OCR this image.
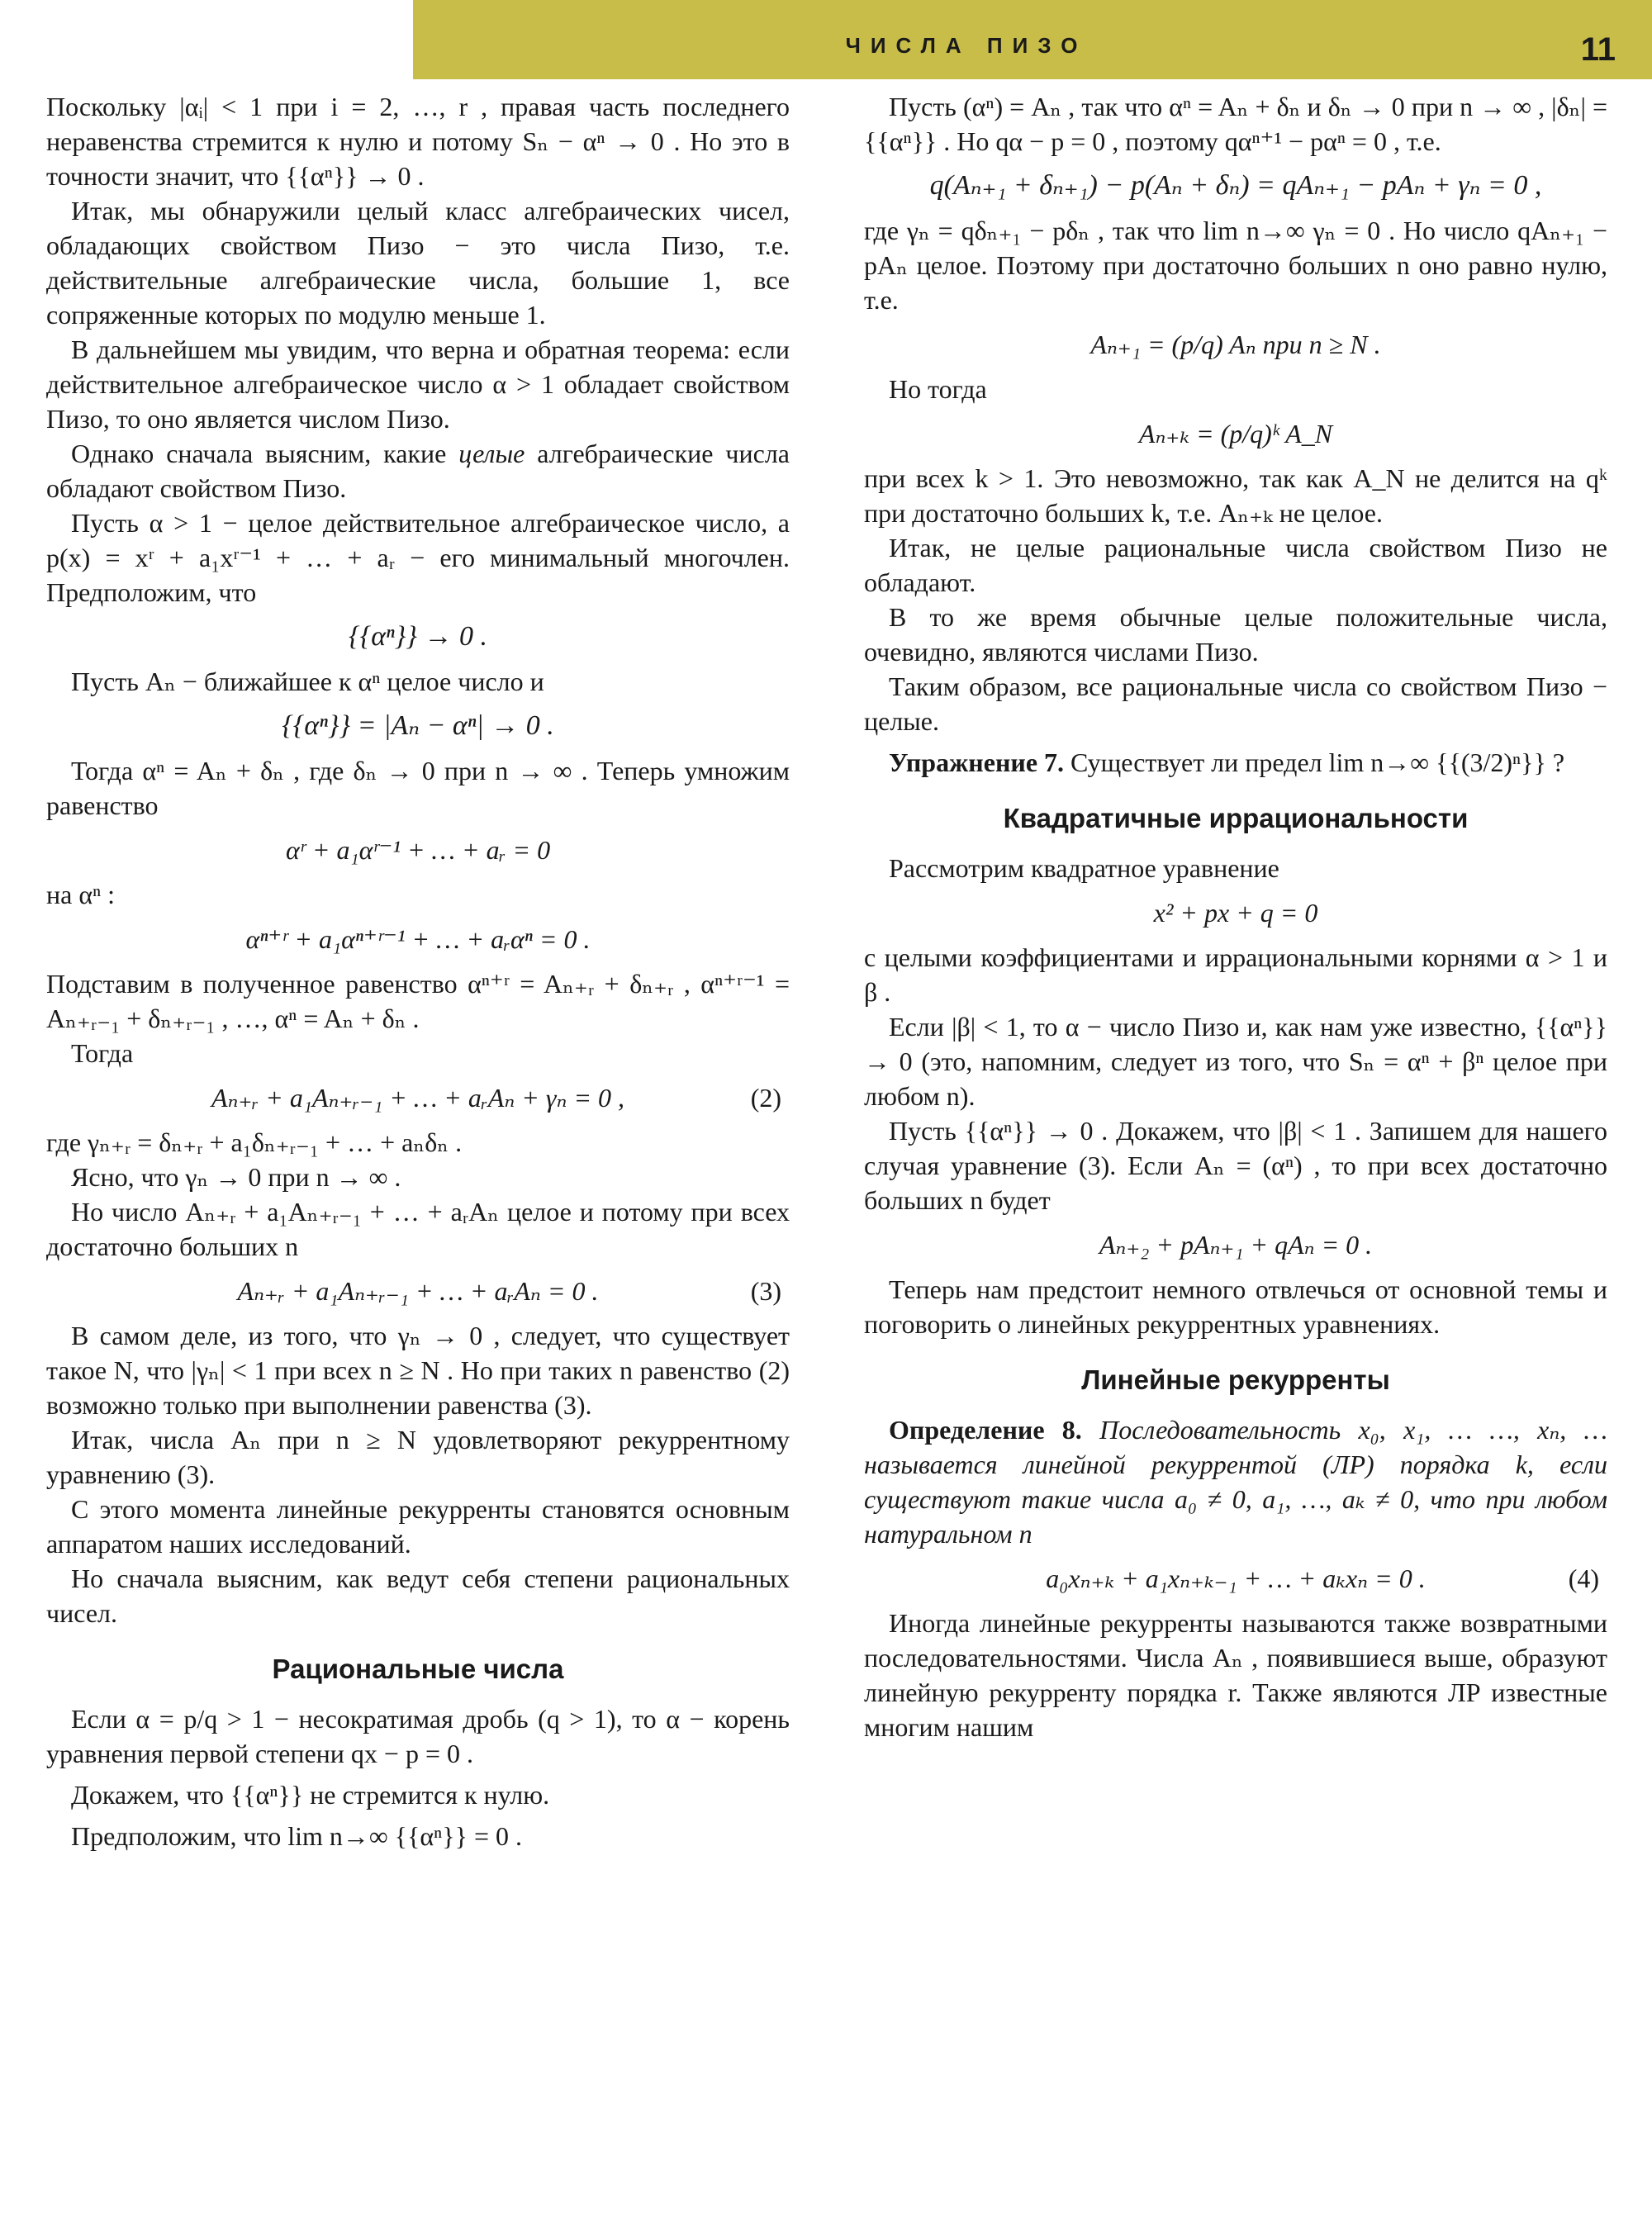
ЧИСЛА ПИЗО	11

Поскольку |αᵢ| < 1 при i = 2, …, r , правая часть последнего неравенства стремится к нулю и потому Sₙ − αⁿ → 0 . Но это в точности значит, что {{αⁿ}} → 0 .

Итак, мы обнаружили целый класс алгебраических чисел, обладающих свойством Пизо − это числа Пизо, т.е. действительные алгебраические числа, большие 1, все сопряженные которых по модулю меньше 1.

В дальнейшем мы увидим, что верна и обратная теорема: если действительное алгебраическое число α > 1 обладает свойством Пизо, то оно является числом Пизо.

Однако сначала выясним, какие целые алгебраические числа обладают свойством Пизо.

Пусть α > 1 − целое действительное алгебраическое число, а p(x) = xʳ + a₁xʳ⁻¹ + … + aᵣ − его минимальный многочлен. Предположим, что

{{αⁿ}} → 0 .

Пусть Aₙ − ближайшее к αⁿ целое число и

{{αⁿ}} = |Aₙ − αⁿ| → 0 .

Тогда αⁿ = Aₙ + δₙ , где δₙ → 0 при n → ∞ . Теперь умножим равенство

αʳ + a₁αʳ⁻¹ + … + aᵣ = 0

на αⁿ :

αⁿ⁺ʳ + a₁αⁿ⁺ʳ⁻¹ + … + aᵣαⁿ = 0 .

Подставим в полученное равенство αⁿ⁺ʳ = Aₙ₊ᵣ + δₙ₊ᵣ , αⁿ⁺ʳ⁻¹ = Aₙ₊ᵣ₋₁ + δₙ₊ᵣ₋₁ , …, αⁿ = Aₙ + δₙ .

Тогда

Aₙ₊ᵣ + a₁Aₙ₊ᵣ₋₁ + … + aᵣAₙ + γₙ = 0 ,	(2)

где γₙ₊ᵣ = δₙ₊ᵣ + a₁δₙ₊ᵣ₋₁ + … + aₙδₙ .

Ясно, что γₙ → 0 при n → ∞ .

Но число Aₙ₊ᵣ + a₁Aₙ₊ᵣ₋₁ + … + aᵣAₙ целое и потому при всех достаточно больших n

Aₙ₊ᵣ + a₁Aₙ₊ᵣ₋₁ + … + aᵣAₙ = 0 .	(3)

В самом деле, из того, что γₙ → 0 , следует, что существует такое N, что |γₙ| < 1 при всех n ≥ N . Но при таких n равенство (2) возможно только при выполнении равенства (3).

Итак, числа Aₙ при n ≥ N удовлетворяют рекуррентному уравнению (3).

С этого момента линейные рекурренты становятся основным аппаратом наших исследований.

Но сначала выясним, как ведут себя степени рациональных чисел.

Рациональные числа

Если α = p/q > 1 − несократимая дробь (q > 1), то α − корень уравнения первой степени qx − p = 0 .

Докажем, что {{αⁿ}} не стремится к нулю.

Предположим, что lim n→∞ {{αⁿ}} = 0 .

Пусть (αⁿ) = Aₙ , так что αⁿ = Aₙ + δₙ и δₙ → 0 при n → ∞ , |δₙ| = {{αⁿ}} . Но qα − p = 0 , поэтому qαⁿ⁺¹ − pαⁿ = 0 , т.е.

q(Aₙ₊₁ + δₙ₊₁) − p(Aₙ + δₙ) = qAₙ₊₁ − pAₙ + γₙ = 0 ,

где γₙ = qδₙ₊₁ − pδₙ , так что lim n→∞ γₙ = 0 . Но число qAₙ₊₁ − pAₙ целое. Поэтому при достаточно больших n оно равно нулю, т.е.

Aₙ₊₁ = (p/q) Aₙ при n ≥ N .

Но тогда

Aₙ₊ₖ = (p/q)ᵏ A_N

при всех k > 1. Это невозможно, так как A_N не делится на qᵏ при достаточно больших k, т.е. Aₙ₊ₖ не целое.

Итак, не целые рациональные числа свойством Пизо не обладают.

В то же время обычные целые положительные числа, очевидно, являются числами Пизо.

Таким образом, все рациональные числа со свойством Пизо − целые.

Упражнение 7. Существует ли предел lim n→∞ {{(3/2)ⁿ}} ?

Квадратичные иррациональности

Рассмотрим квадратное уравнение

x² + px + q = 0

с целыми коэффициентами и иррациональными корнями α > 1 и β .

Если |β| < 1, то α − число Пизо и, как нам уже известно, {{αⁿ}} → 0 (это, напомним, следует из того, что Sₙ = αⁿ + βⁿ целое при любом n).

Пусть {{αⁿ}} → 0 . Докажем, что |β| < 1 . Запишем для нашего случая уравнение (3). Если Aₙ = (αⁿ) , то при всех достаточно больших n будет

Aₙ₊₂ + pAₙ₊₁ + qAₙ = 0 .

Теперь нам предстоит немного отвлечься от основной темы и поговорить о линейных рекуррентных уравнениях.

Линейные рекурренты

Определение 8. Последовательность x₀, x₁, … …, xₙ, … называется линейной рекуррентой (ЛР) порядка k, если существуют такие числа a₀ ≠ 0, a₁, …, aₖ ≠ 0, что при любом натуральном n

a₀xₙ₊ₖ + a₁xₙ₊ₖ₋₁ + … + aₖxₙ = 0 .	(4)

Иногда линейные рекурренты называются также возвратными последовательностями. Числа Aₙ , появившиеся выше, образуют линейную рекурренту порядка r. Также являются ЛР известные многим нашим
